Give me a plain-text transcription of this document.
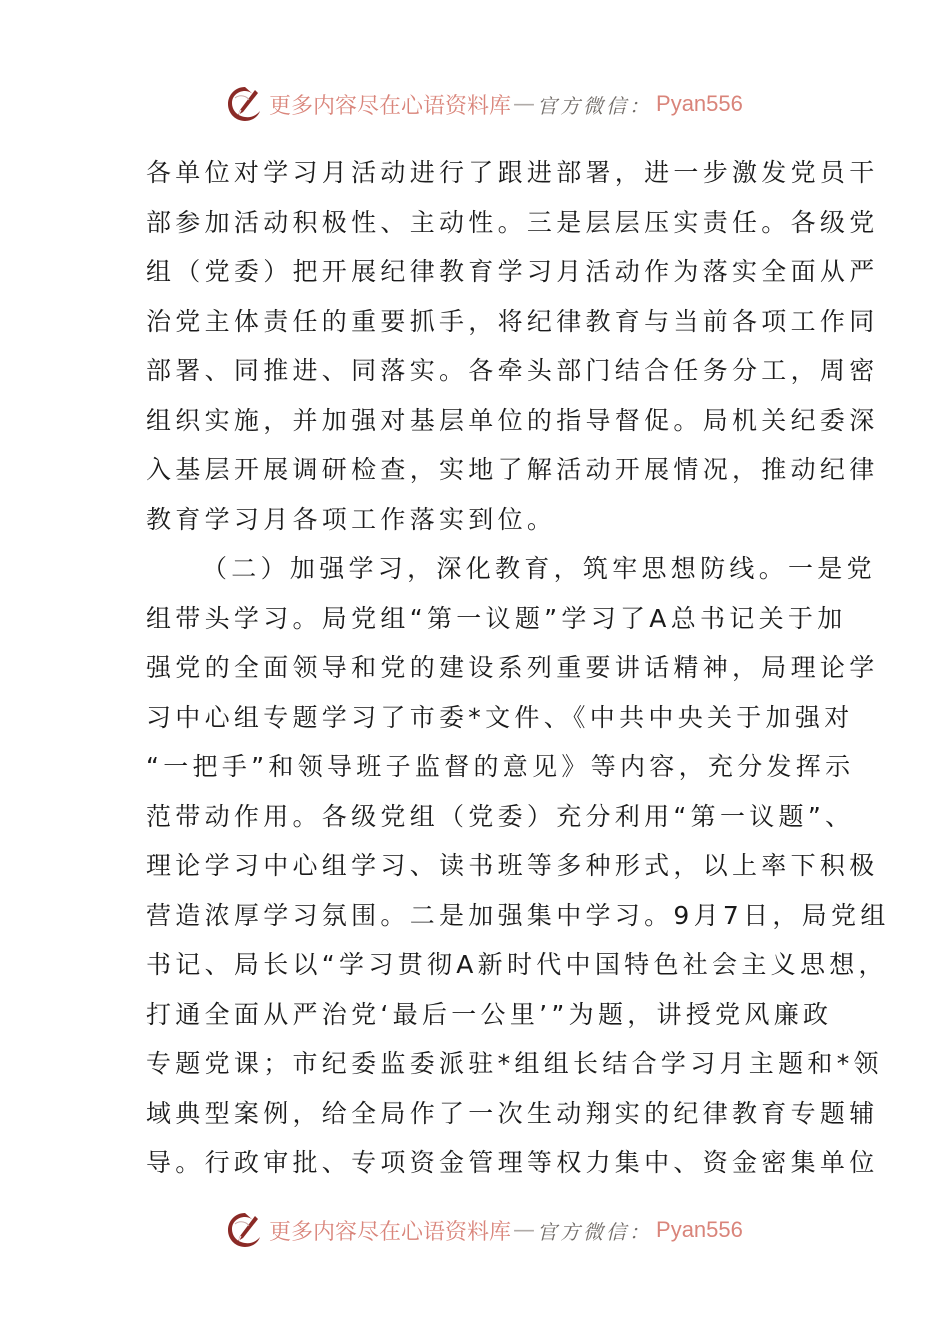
更多内容尽在心语资料库 — 官方微信： Pyan556
各单位对学习月活动进行了跟进部署，进一步激发党员干
部参加活动积极性、主动性。三是层层压实责任。各级党
组（党委）把开展纪律教育学习月活动作为落实全面从严
治党主体责任的重要抓手，将纪律教育与当前各项工作同
部署、同推进、同落实。各牵头部门结合任务分工，周密
组织实施，并加强对基层单位的指导督促。局机关纪委深
入基层开展调研检查，实地了解活动开展情况，推动纪律
教育学习月各项工作落实到位。
（二）加强学习，深化教育，筑牢思想防线。一是党
组带头学习。局党组“第一议题”学习了A总书记关于加
强党的全面领导和党的建设系列重要讲话精神，局理论学
习中心组专题学习了市委*文件、《中共中央关于加强对
“一把手”和领导班子监督的意见》等内容，充分发挥示
范带动作用。各级党组（党委）充分利用“第一议题”、
理论学习中心组学习、读书班等多种形式，以上率下积极
营造浓厚学习氛围。二是加强集中学习。9月7日，局党组
书记、局长以“学习贯彻A新时代中国特色社会主义思想，
打通全面从严治党‘最后一公里’”为题，讲授党风廉政
专题党课；市纪委监委派驻*组组长结合学习月主题和*领
域典型案例，给全局作了一次生动翔实的纪律教育专题辅
导。行政审批、专项资金管理等权力集中、资金密集单位
更多内容尽在心语资料库 — 官方微信： Pyan556
